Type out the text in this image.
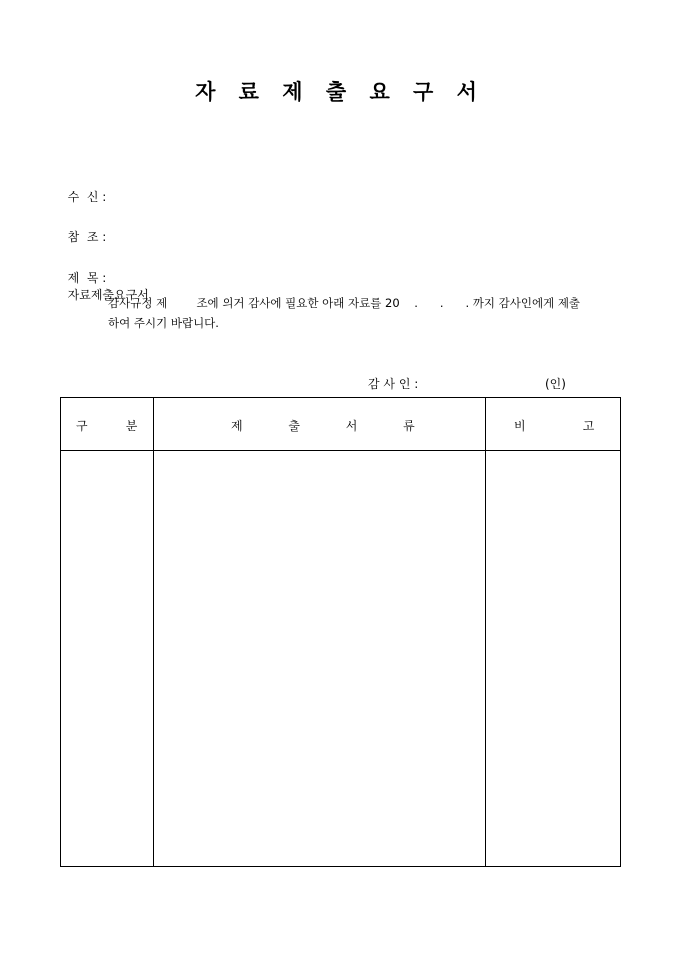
자 료 제 출 요 구 서

수  신 :

참  조 :

제  목 :
자료제출요구서

감사규정 제        조에 의거 감사에 필요한 아래 자료를 20    .      .      . 까지 감사인에게 제출
하여 주시기 바랍니다.
감 사 인 :	(인)
구          분	제            출            서            류	비               고
